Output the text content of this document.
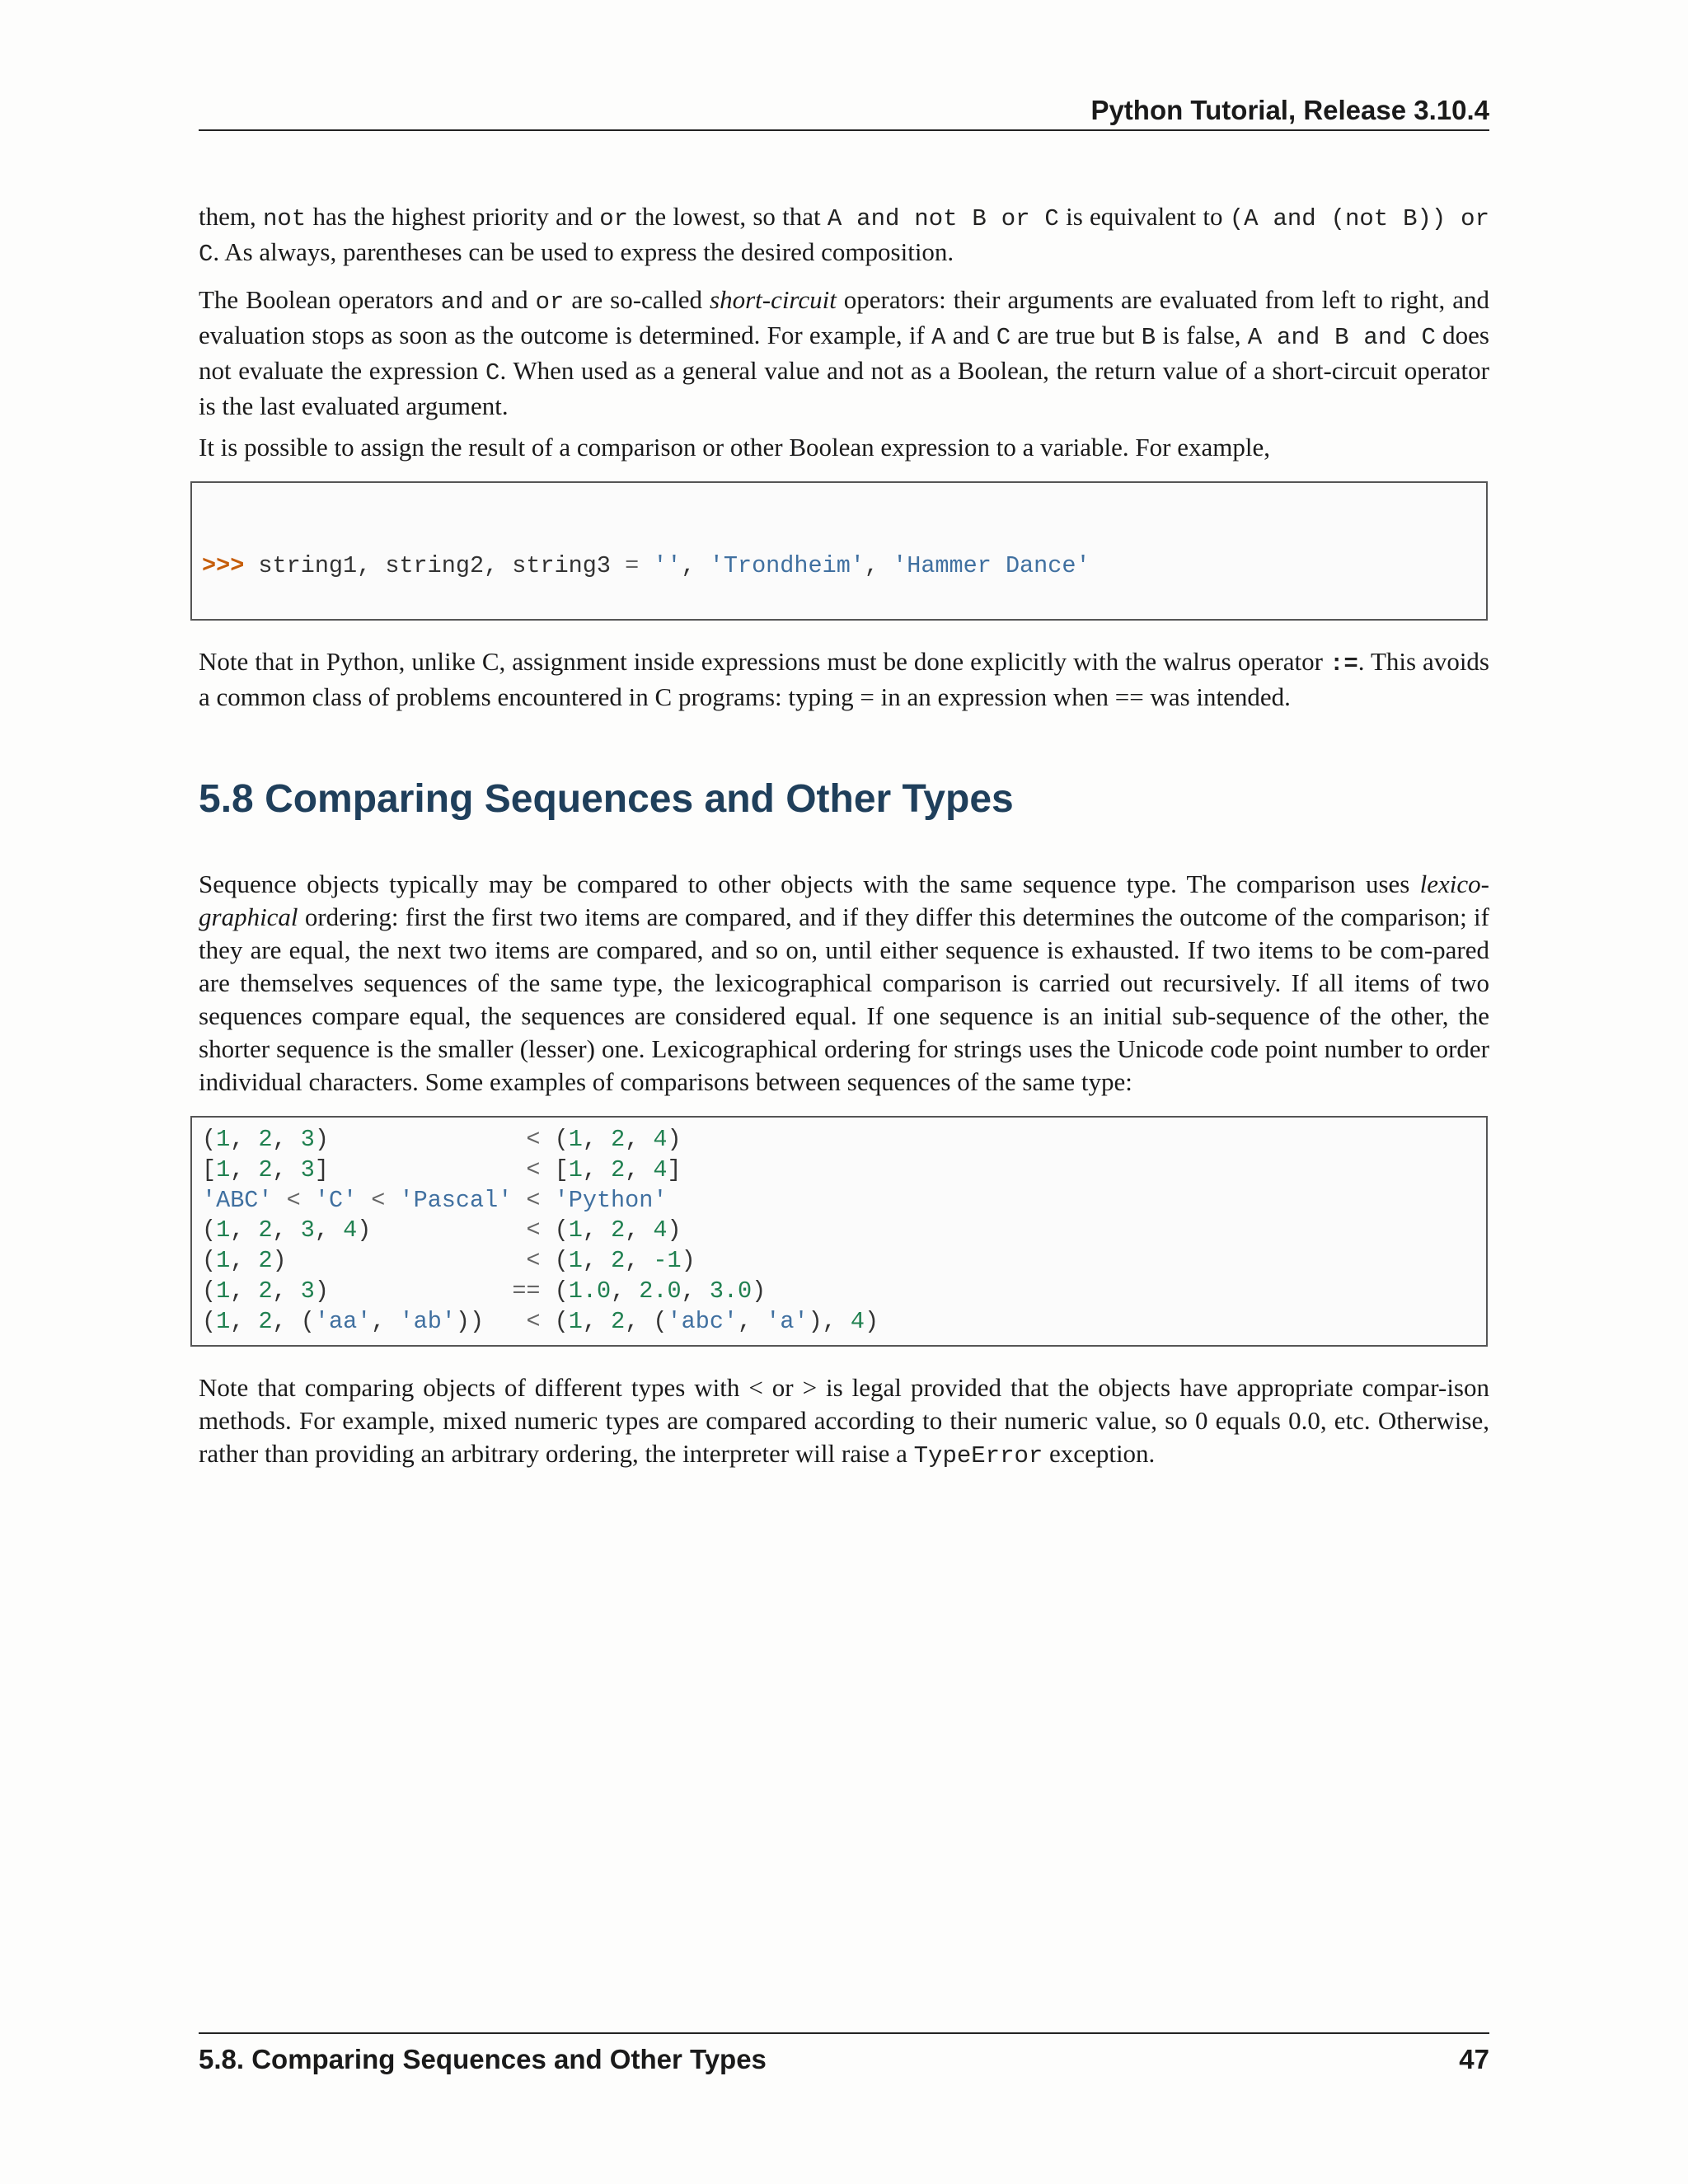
Python Tutorial, Release 3.10.4

them, not has the highest priority and or the lowest, so that A and not B or C is equivalent to (A and (not B)) or C. As always, parentheses can be used to express the desired composition.

The Boolean operators and and or are so-called short-circuit operators: their arguments are evaluated from left to right, and evaluation stops as soon as the outcome is determined. For example, if A and C are true but B is false, A and B and C does not evaluate the expression C. When used as a general value and not as a Boolean, the return value of a short-circuit operator is the last evaluated argument.

It is possible to assign the result of a comparison or other Boolean expression to a variable. For example,

>>> string1, string2, string3 = '', 'Trondheim', 'Hammer Dance'

Note that in Python, unlike C, assignment inside expressions must be done explicitly with the walrus operator :=. This avoids a common class of problems encountered in C programs: typing = in an expression when == was intended.

5.8 Comparing Sequences and Other Types

Sequence objects typically may be compared to other objects with the same sequence type. The comparison uses lexico-graphical ordering: first the first two items are compared, and if they differ this determines the outcome of the comparison; if they are equal, the next two items are compared, and so on, until either sequence is exhausted. If two items to be com-pared are themselves sequences of the same type, the lexicographical comparison is carried out recursively. If all items of two sequences compare equal, the sequences are considered equal. If one sequence is an initial sub-sequence of the other, the shorter sequence is the smaller (lesser) one. Lexicographical ordering for strings uses the Unicode code point number to order individual characters. Some examples of comparisons between sequences of the same type:

(1, 2, 3)              < (1, 2, 4)
[1, 2, 3]              < [1, 2, 4]
'ABC' < 'C' < 'Pascal' < 'Python'
(1, 2, 3, 4)           < (1, 2, 4)
(1, 2)                 < (1, 2, -1)
(1, 2, 3)             == (1.0, 2.0, 3.0)
(1, 2, ('aa', 'ab'))   < (1, 2, ('abc', 'a'), 4)

Note that comparing objects of different types with < or > is legal provided that the objects have appropriate compar-ison methods. For example, mixed numeric types are compared according to their numeric value, so 0 equals 0.0, etc. Otherwise, rather than providing an arbitrary ordering, the interpreter will raise a TypeError exception.

5.8. Comparing Sequences and Other Types	47
